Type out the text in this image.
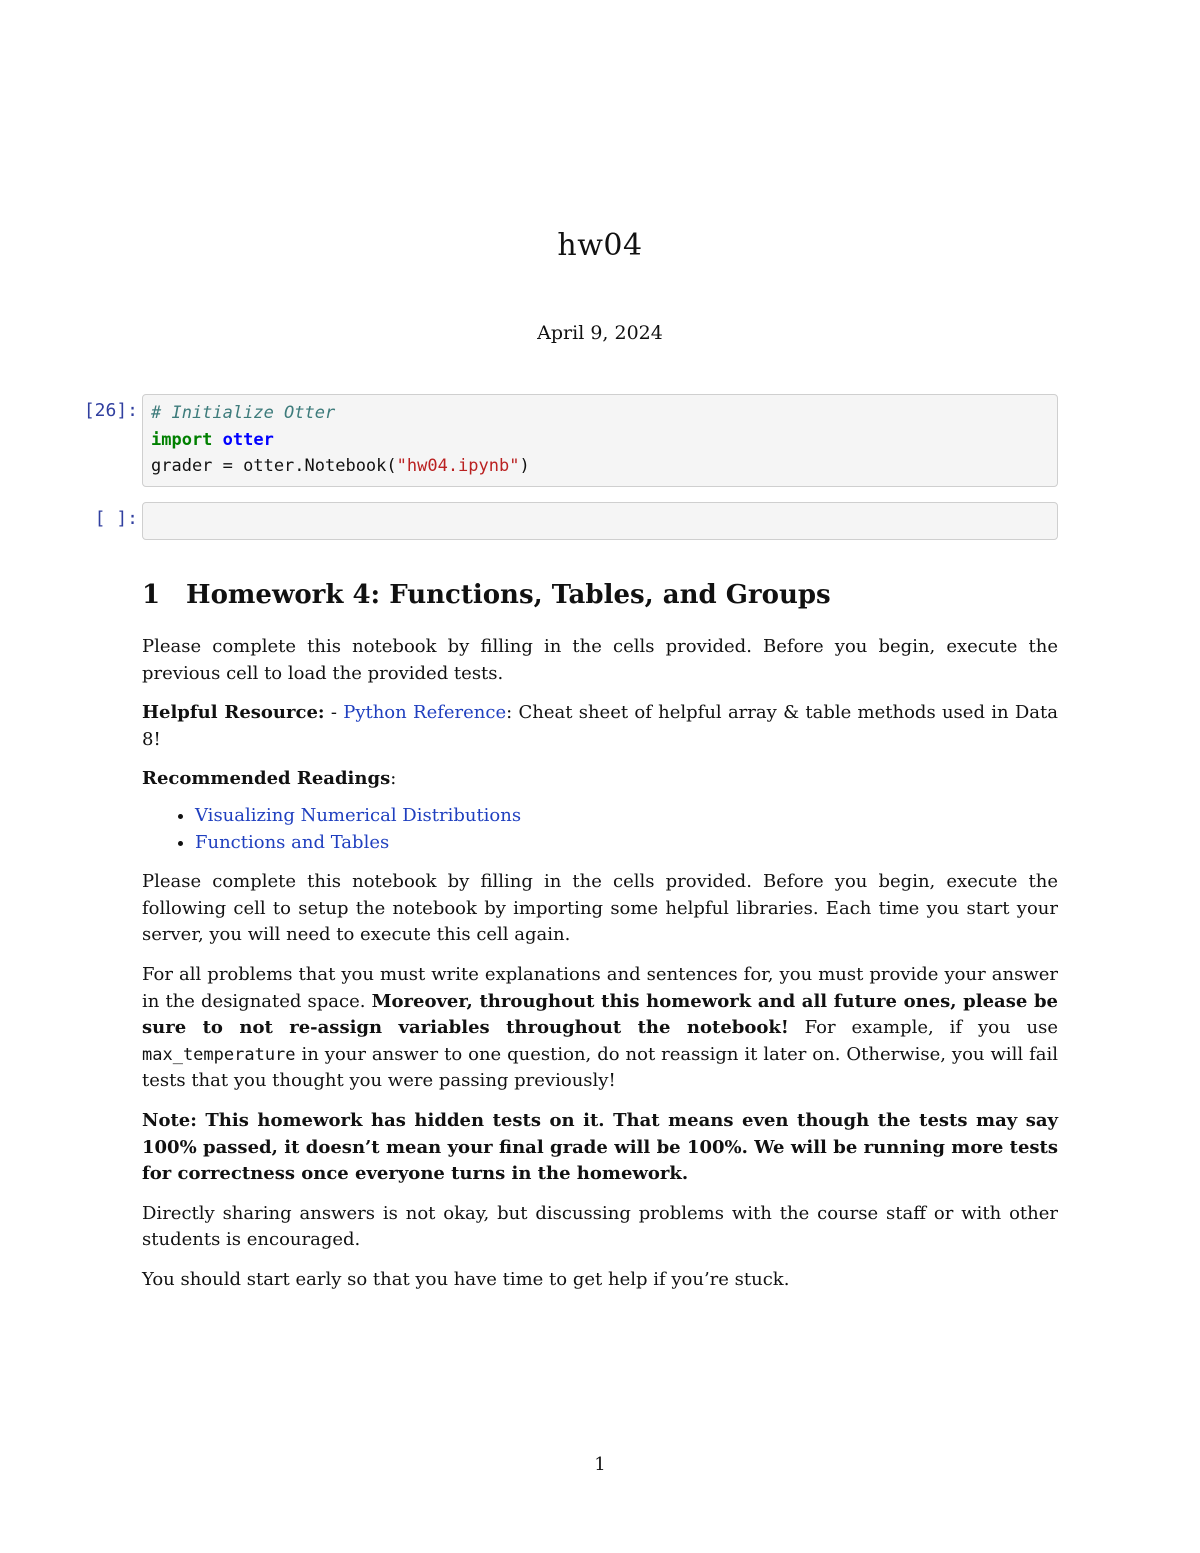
hw04
April 9, 2024
[26]: # Initialize Otter
import otter
grader = otter.Notebook("hw04.ipynb")
[ ]:
1 Homework 4: Functions, Tables, and Groups

Please complete this notebook by filling in the cells provided. Before you begin, execute the previous cell to load the provided tests.

Helpful Resource: - Python Reference: Cheat sheet of helpful array & table methods used in Data 8!

Recommended Readings:

• Visualizing Numerical Distributions
• Functions and Tables

Please complete this notebook by filling in the cells provided. Before you begin, execute the following cell to setup the notebook by importing some helpful libraries. Each time you start your server, you will need to execute this cell again.

For all problems that you must write explanations and sentences for, you must provide your answer in the designated space. Moreover, throughout this homework and all future ones, please be sure to not re-assign variables throughout the notebook! For example, if you use max_temperature in your answer to one question, do not reassign it later on. Otherwise, you will fail tests that you thought you were passing previously!

Note: This homework has hidden tests on it. That means even though the tests may say 100% passed, it doesn’t mean your final grade will be 100%. We will be running more tests for correctness once everyone turns in the homework.

Directly sharing answers is not okay, but discussing problems with the course staff or with other students is encouraged.

You should start early so that you have time to get help if you’re stuck.

1
